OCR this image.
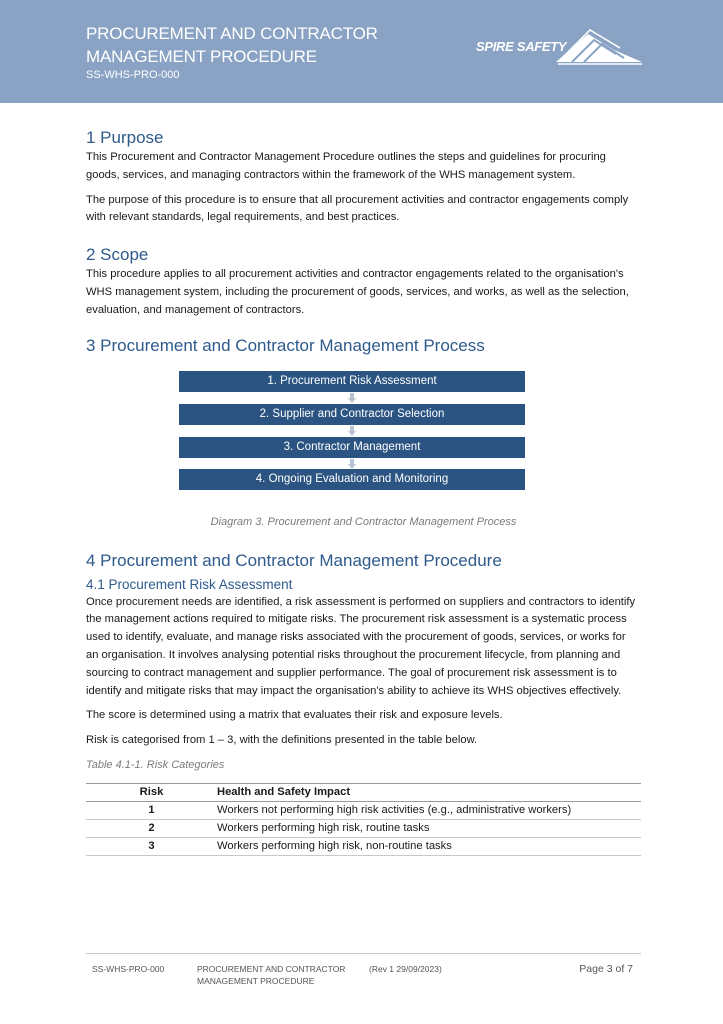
PROCUREMENT AND CONTRACTOR
MANAGEMENT PROCEDURE
SS-WHS-PRO-000
SPIRE SAFETY
1 Purpose

This Procurement and Contractor Management Procedure outlines the steps and guidelines for procuring goods, services, and managing contractors within the framework of the WHS management system.

The purpose of this procedure is to ensure that all procurement activities and contractor engagements comply with relevant standards, legal requirements, and best practices.

2 Scope

This procedure applies to all procurement activities and contractor engagements related to the organisation's WHS management system, including the procurement of goods, services, and works, as well as the selection, evaluation, and management of contractors.

3 Procurement and Contractor Management Process
1. Procurement Risk Assessment
2. Supplier and Contractor Selection
3. Contractor Management
4. Ongoing Evaluation and Monitoring
Diagram 3. Procurement and Contractor Management Process
4 Procurement and Contractor Management Procedure
4.1 Procurement Risk Assessment

Once procurement needs are identified, a risk assessment is performed on suppliers and contractors to identify the management actions required to mitigate risks. The procurement risk assessment is a systematic process used to identify, evaluate, and manage risks associated with the procurement of goods, services, or works for an organisation. It involves analysing potential risks throughout the procurement lifecycle, from planning and sourcing to contract management and supplier performance. The goal of procurement risk assessment is to identify and mitigate risks that may impact the organisation's ability to achieve its WHS objectives effectively.

The score is determined using a matrix that evaluates their risk and exposure levels.

Risk is categorised from 1 – 3, with the definitions presented in the table below.

Table 4.1-1. Risk Categories
Risk	Health and Safety Impact
1	Workers not performing high risk activities (e.g., administrative workers)
2	Workers performing high risk, routine tasks
3	Workers performing high risk, non-routine tasks
SS-WHS-PRO-000	PROCUREMENT AND CONTRACTOR
MANAGEMENT PROCEDURE
(Rev 1 29/09/2023)	Page 3 of 7
